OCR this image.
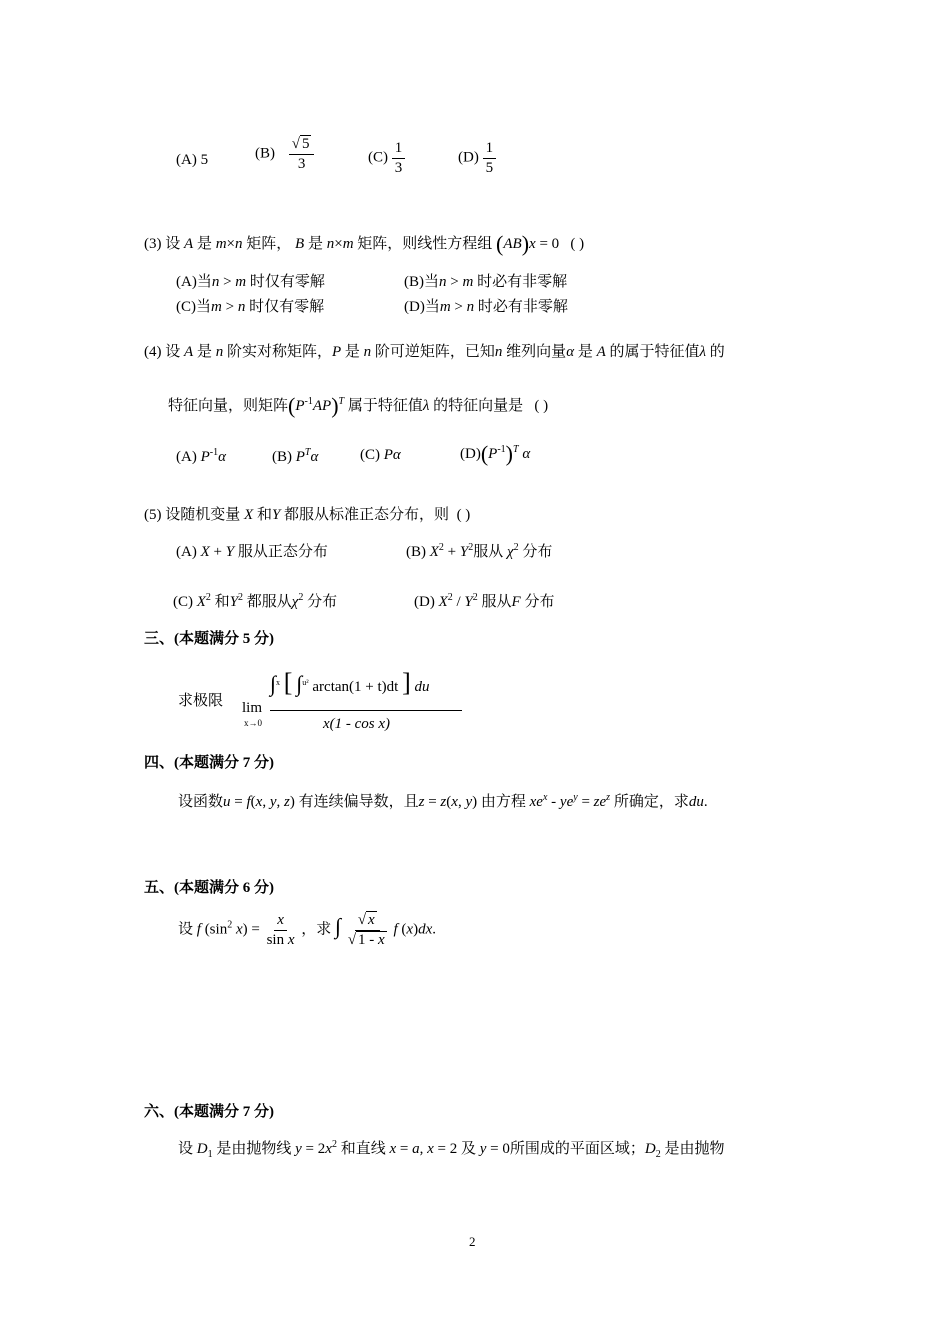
(A) 5	$(B) \frac{√ 5}{3}$	$(C) \frac{1}{3}$	$(D) \frac{1}{5}$
(3) 设 A 是 m×n 矩阵， B 是 n×m 矩阵，则线性方程组 (AB)x = 0 ( )
(A)当n > m 时仅有零解	(B)当n > m 时必有非零解
(C)当m > n 时仅有零解	(D)当m > n 时必有非零解
(4) 设 A 是 n 阶实对称矩阵，P 是 n 阶可逆矩阵，已知n 维列向量α 是 A 的属于特征值λ 的
特征向量，则矩阵$(P^{-1}AP)^T$ 属于特征值λ 的特征向量是 ( )
(A) $P^{-1}\alpha$	(B) $P^T\alpha$	(C) Pα	$(D)(P^{-1})^T$ α
(5) 设随机变量 X 和Y 都服从标准正态分布，则 ( )
(A) X + Y 服从正态分布	(B) $X^2 + Y^2$服从 $\chi^2$ 分布
(C) $X^2$ 和$Y^2$ 都服从$\chi^2$ 分布	(D) $X^2 / Y^2$ 服从F 分布
三、(本题满分 5 分)
求极限 lim
x→0
∫$^x$ [ ∫$^{u^2}$ arctan(1 + t)dt ] du
x(1 - cos x)
四、(本题满分 7 分)
设函数u = f(x, y, z) 有连续偏导数，且z = z(x, y) 由方程 $xe^x - ye^y = ze^z$ 所确定，求du.
五、(本题满分 6 分)
设 f ($\sin^2$ $x) = \frac{x}{\text{sin x}}$ ，求 ∫ $\frac{√ x}{√ 1 - x}$ f (x)dx.
六、(本题满分 7 分)
设 $D_1$ 是由抛物线 $y = 2x^2$ 和直线 x = a, x = 2 及 y = 0所围成的平面区域；$D_2$ 是由抛物
2
